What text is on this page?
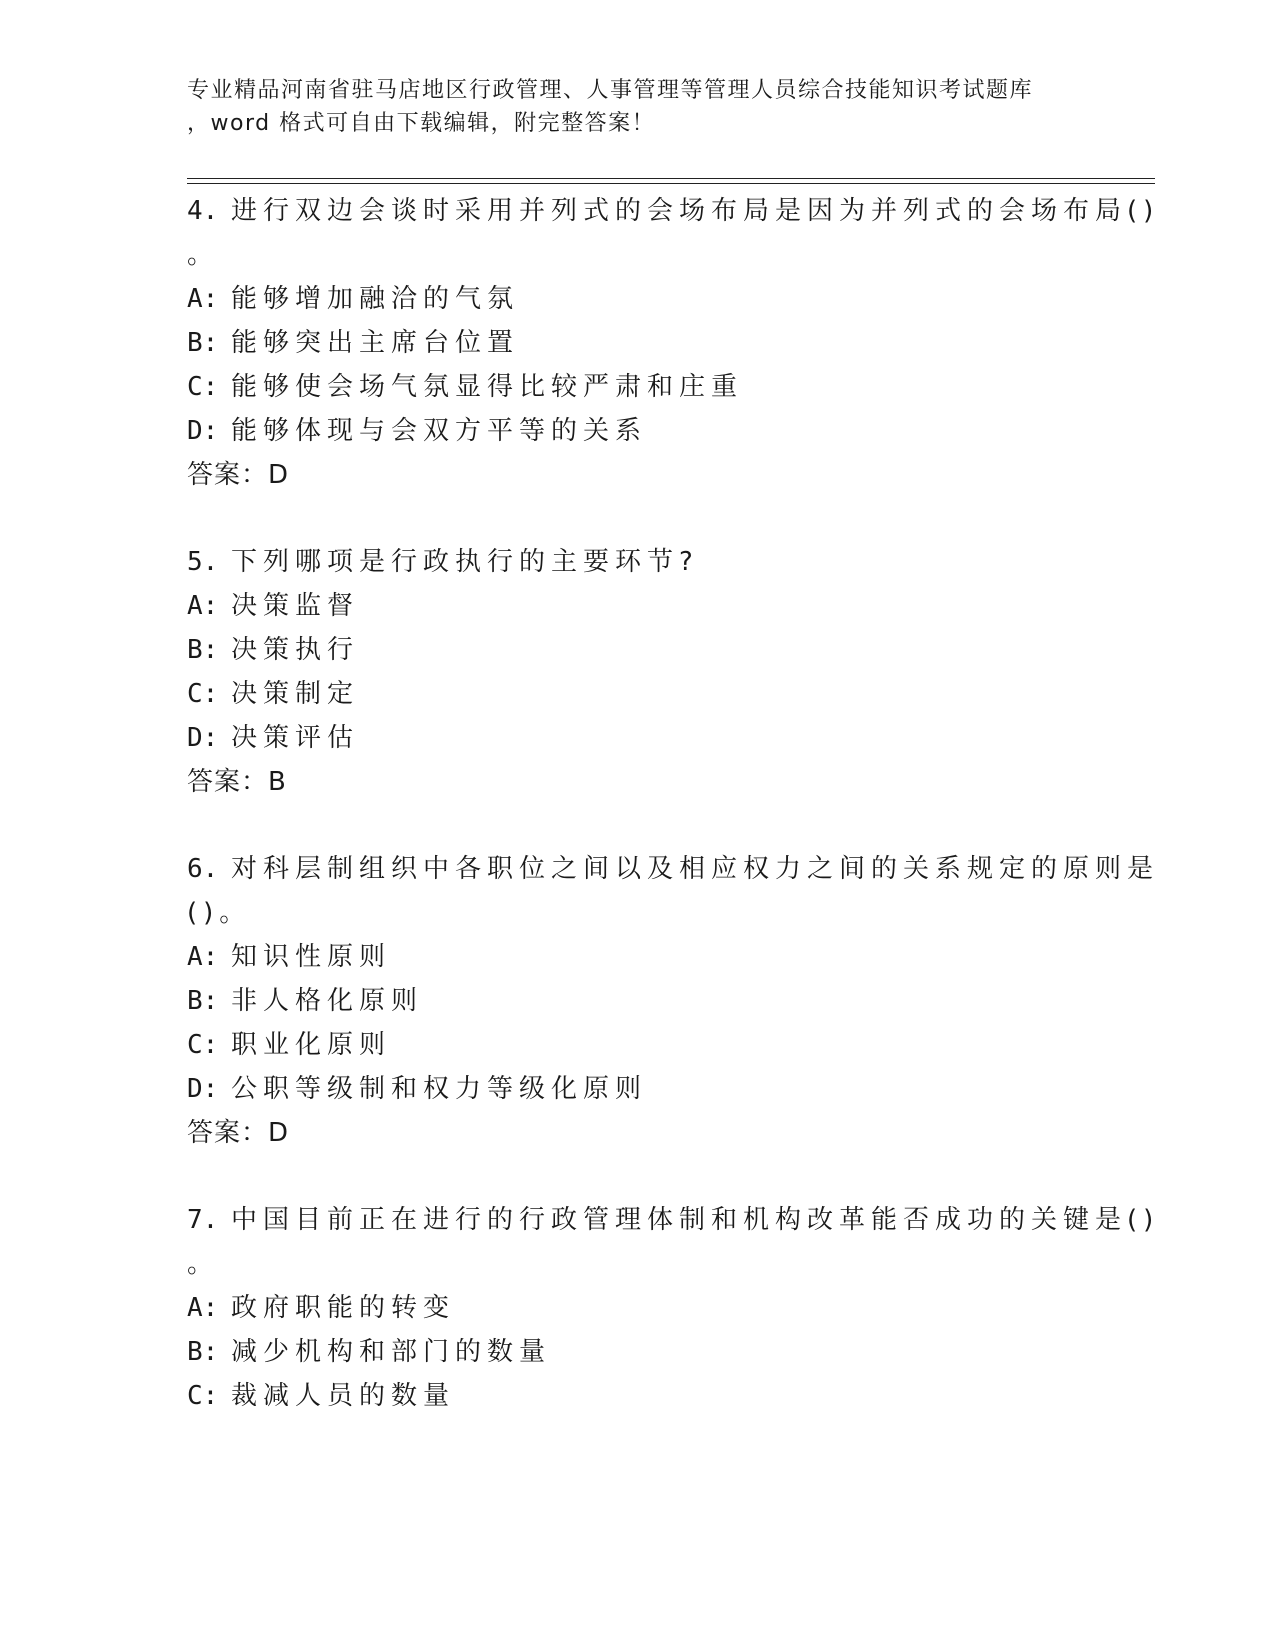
专业精品河南省驻马店地区行政管理、人事管理等管理人员综合技能知识考试题库
，word 格式可自由下载编辑，附完整答案！
4. 进行双边会谈时采用并列式的会场布局是因为并列式的会场布局()
。
A: 能够增加融洽的气氛
B: 能够突出主席台位置
C: 能够使会场气氛显得比较严肃和庄重
D: 能够体现与会双方平等的关系
答案：D
5. 下列哪项是行政执行的主要环节?
A: 决策监督
B: 决策执行
C: 决策制定
D: 决策评估
答案：B
6. 对科层制组织中各职位之间以及相应权力之间的关系规定的原则是
()。
A: 知识性原则
B: 非人格化原则
C: 职业化原则
D: 公职等级制和权力等级化原则
答案：D
7. 中国目前正在进行的行政管理体制和机构改革能否成功的关键是()
。
A: 政府职能的转变
B: 减少机构和部门的数量
C: 裁减人员的数量
